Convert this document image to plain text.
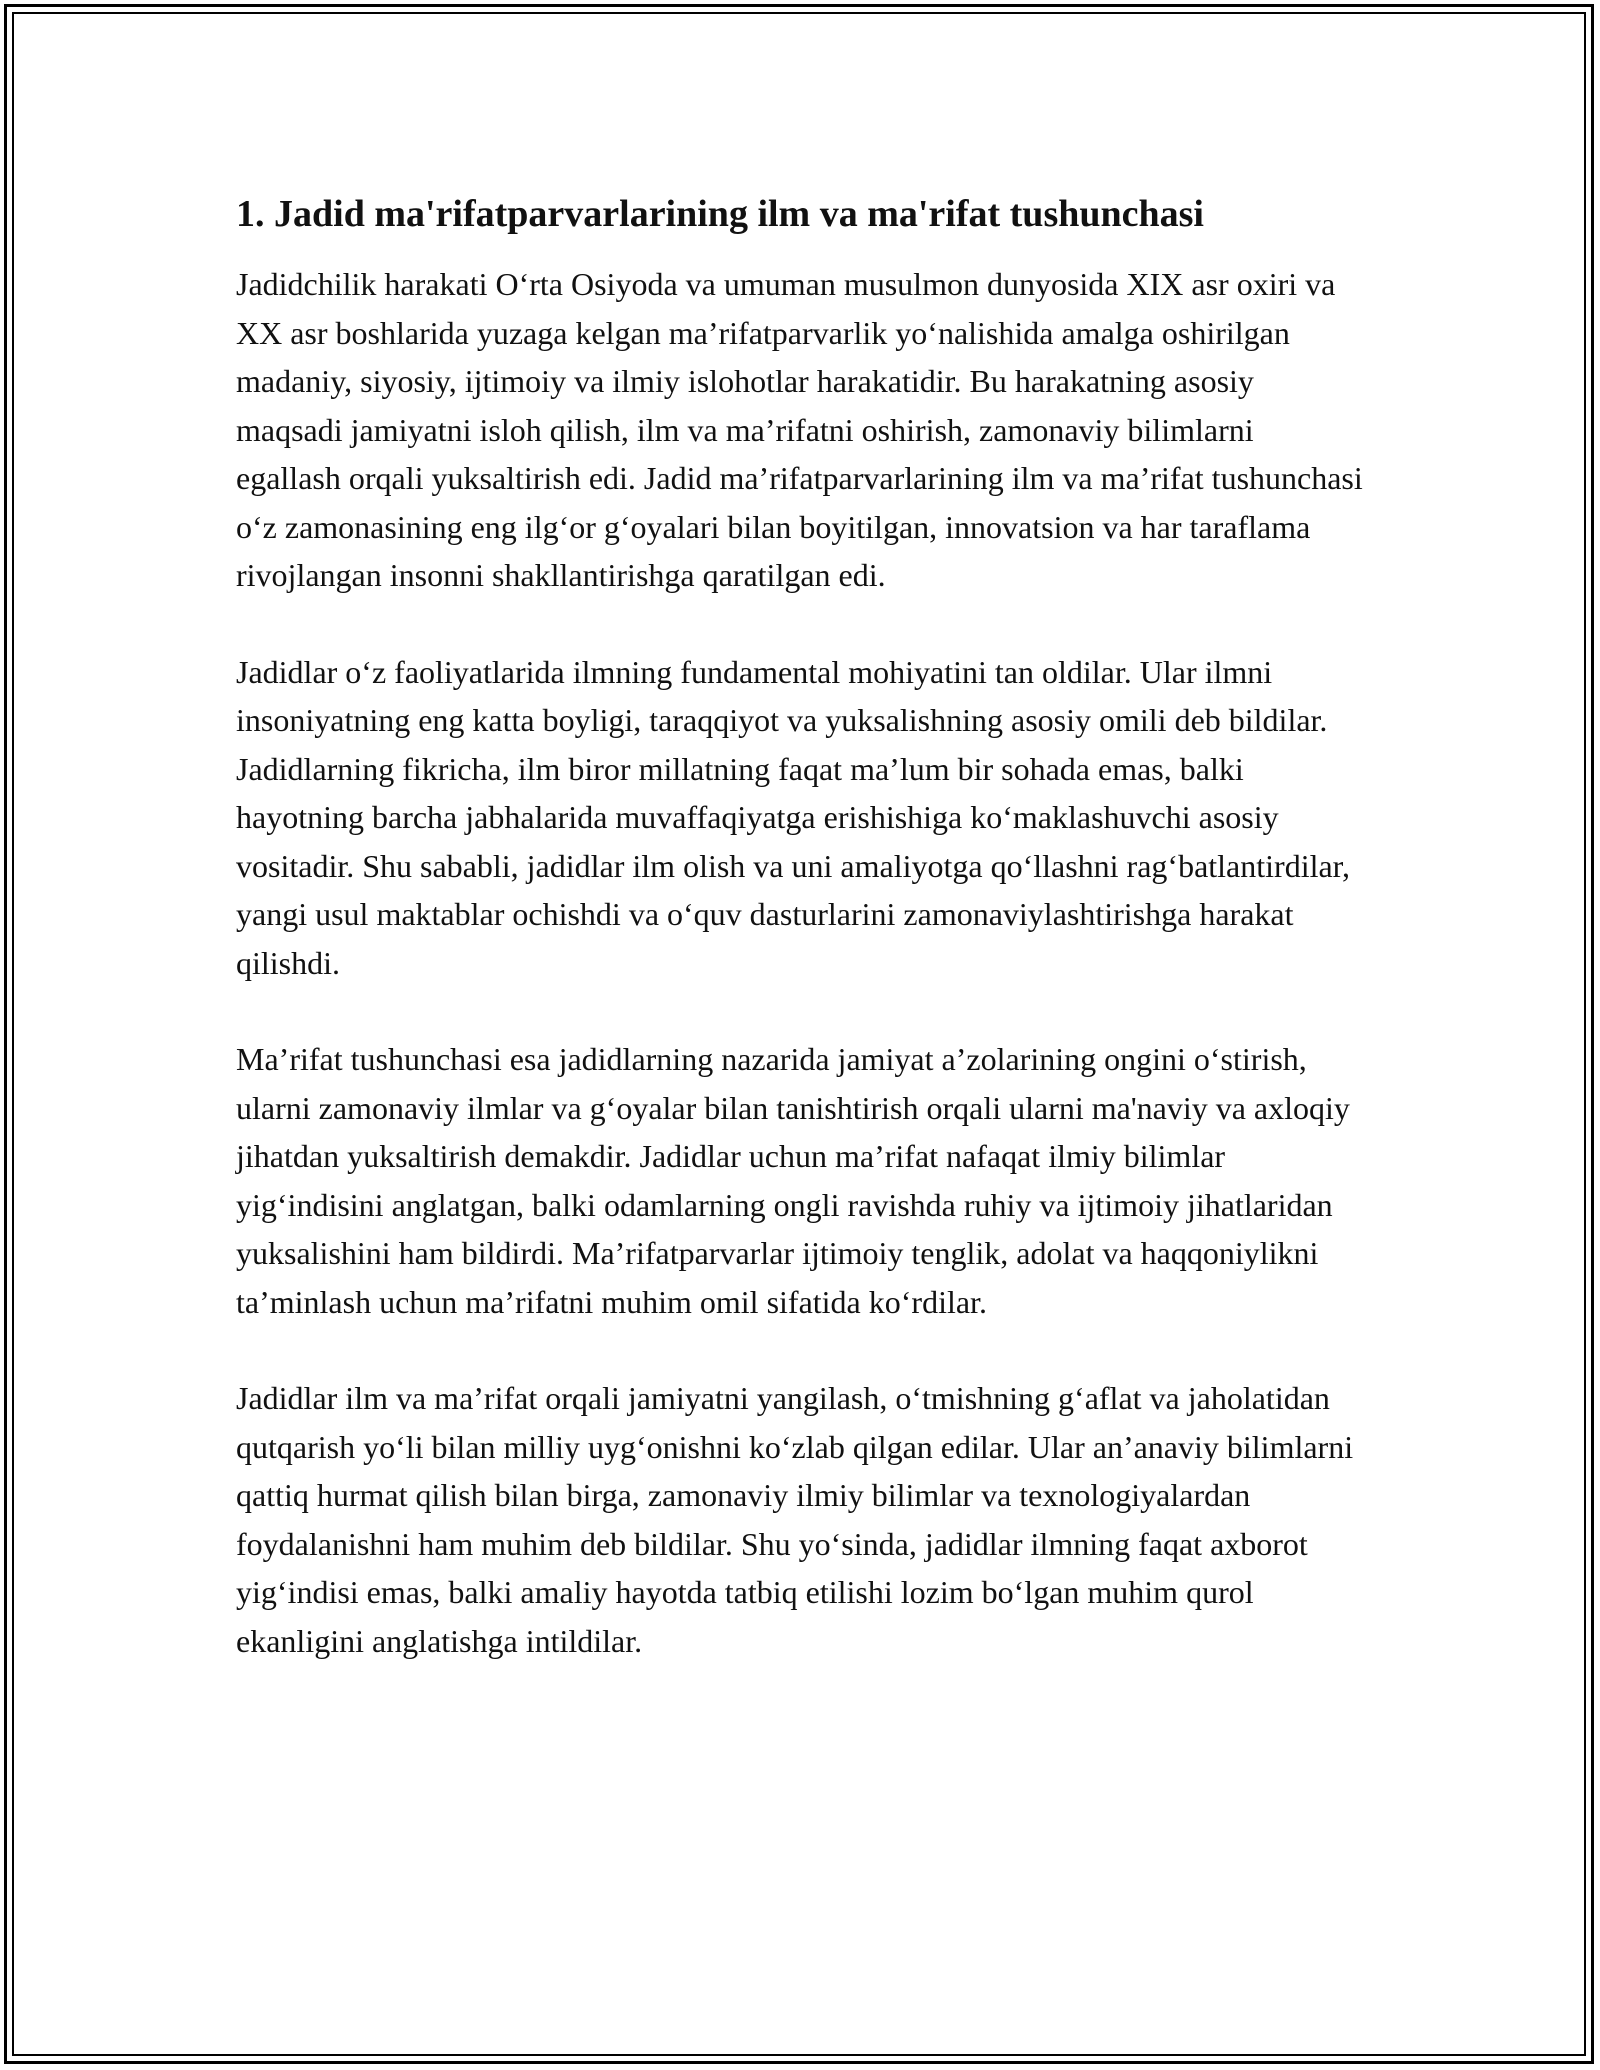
1. Jadid ma'rifatparvarlarining ilm va ma'rifat tushunchasi

Jadidchilik harakati O‘rta Osiyoda va umuman musulmon dunyosida XIX asr oxiri va XX asr boshlarida yuzaga kelgan ma’rifatparvarlik yo‘nalishida amalga oshirilgan madaniy, siyosiy, ijtimoiy va ilmiy islohotlar harakatidir. Bu harakatning asosiy maqsadi jamiyatni isloh qilish, ilm va ma’rifatni oshirish, zamonaviy bilimlarni egallash orqali yuksaltirish edi. Jadid ma’rifatparvarlarining ilm va ma’rifat tushunchasi o‘z zamonasining eng ilg‘or g‘oyalari bilan boyitilgan, innovatsion va har taraflama rivojlangan insonni shakllantirishga qaratilgan edi.

Jadidlar o‘z faoliyatlarida ilmning fundamental mohiyatini tan oldilar. Ular ilmni insoniyatning eng katta boyligi, taraqqiyot va yuksalishning asosiy omili deb bildilar. Jadidlarning fikricha, ilm biror millatning faqat ma’lum bir sohada emas, balki hayotning barcha jabhalarida muvaffaqiyatga erishishiga ko‘maklashuvchi asosiy vositadir. Shu sababli, jadidlar ilm olish va uni amaliyotga qo‘llashni rag‘batlantirdilar, yangi usul maktablar ochishdi va o‘quv dasturlarini zamonaviylashtirishga harakat qilishdi.

Ma’rifat tushunchasi esa jadidlarning nazarida jamiyat a’zolarining ongini o‘stirish, ularni zamonaviy ilmlar va g‘oyalar bilan tanishtirish orqali ularni ma'naviy va axloqiy jihatdan yuksaltirish demakdir. Jadidlar uchun ma’rifat nafaqat ilmiy bilimlar yig‘indisini anglatgan, balki odamlarning ongli ravishda ruhiy va ijtimoiy jihatlaridan yuksalishini ham bildirdi. Ma’rifatparvarlar ijtimoiy tenglik, adolat va haqqoniylikni ta’minlash uchun ma’rifatni muhim omil sifatida ko‘rdilar.

Jadidlar ilm va ma’rifat orqali jamiyatni yangilash, o‘tmishning g‘aflat va jaholatidan qutqarish yo‘li bilan milliy uyg‘onishni ko‘zlab qilgan edilar. Ular an’anaviy bilimlarni qattiq hurmat qilish bilan birga, zamonaviy ilmiy bilimlar va texnologiyalardan foydalanishni ham muhim deb bildilar. Shu yo‘sinda, jadidlar ilmning faqat axborot yig‘indisi emas, balki amaliy hayotda tatbiq etilishi lozim bo‘lgan muhim qurol ekanligini anglatishga intildilar.
